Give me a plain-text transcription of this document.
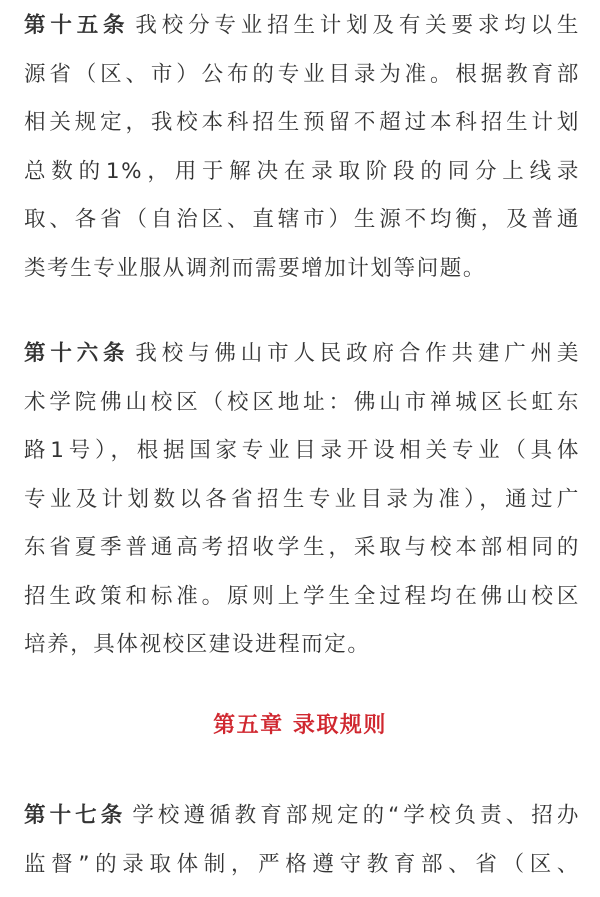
第十五条 我校分专业招生计划及有关要求均以生
源省（区、市）公布的专业目录为准。根据教育部
相关规定，我校本科招生预留不超过本科招生计划
总数的1%，用于解决在录取阶段的同分上线录
取、各省（自治区、直辖市）生源不均衡，及普通
类考生专业服从调剂而需要增加计划等问题。
第十六条 我校与佛山市人民政府合作共建广州美
术学院佛山校区（校区地址：佛山市禅城区长虹东
路1号），根据国家专业目录开设相关专业（具体
专业及计划数以各省招生专业目录为准），通过广
东省夏季普通高考招收学生，采取与校本部相同的
招生政策和标准。原则上学生全过程均在佛山校区
培养，具体视校区建设进程而定。
第五章 录取规则
第十七条 学校遵循教育部规定的“学校负责、招办
监督”的录取体制，严格遵守教育部、省（区、
